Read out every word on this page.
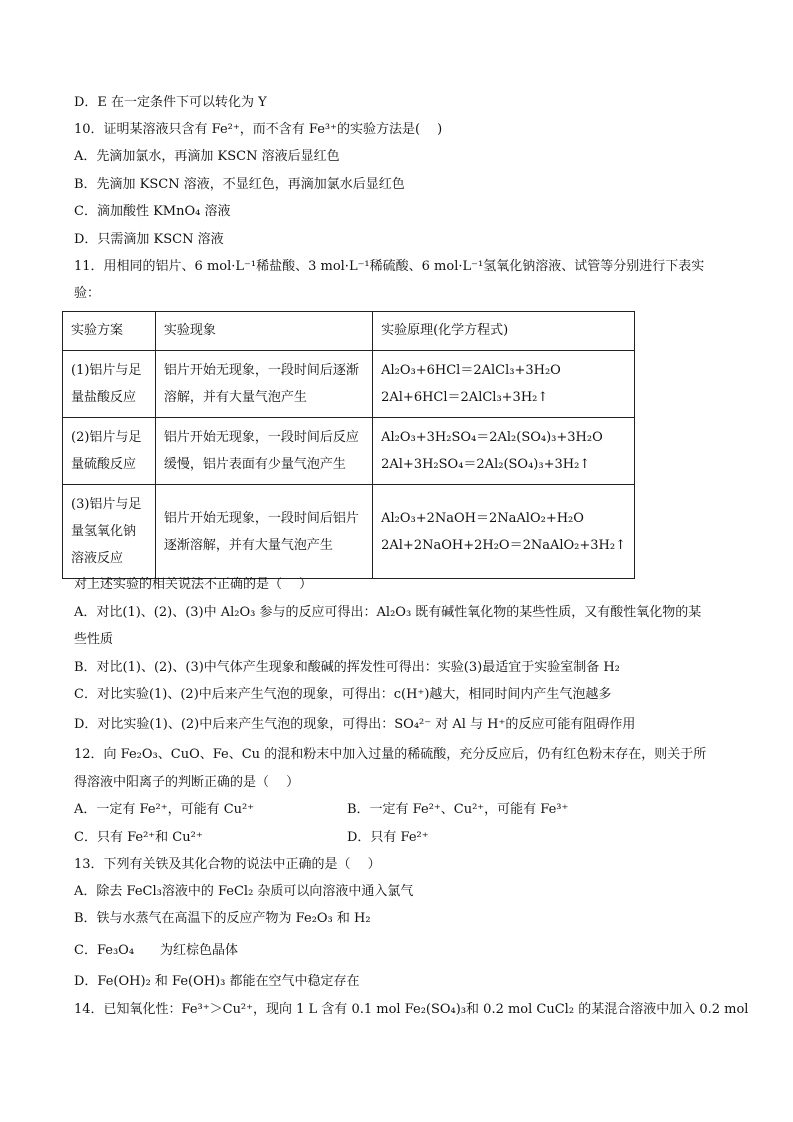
D．E 在一定条件下可以转化为 Y
10．证明某溶液只含有 Fe²⁺，而不含有 Fe³⁺的实验方法是(　 )
A．先滴加氯水，再滴加 KSCN 溶液后显红色
B．先滴加 KSCN 溶液，不显红色，再滴加氯水后显红色
C．滴加酸性 KMnO₄ 溶液
D．只需滴加 KSCN 溶液
11．用相同的铝片、6 mol·L⁻¹稀盐酸、3 mol·L⁻¹稀硫酸、6 mol·L⁻¹氢氧化钠溶液、试管等分别进行下表实
验：
实验方案	实验现象	实验原理(化学方程式)
(1)铝片与足量盐酸反应	铝片开始无现象，一段时间后逐渐溶解，并有大量气泡产生	Al₂O₃+6HCl＝2AlCl₃+3H₂O
2Al+6HCl＝2AlCl₃+3H₂↑

(2)铝片与足量硫酸反应	铝片开始无现象，一段时间后反应缓慢，铝片表面有少量气泡产生	Al₂O₃+3H₂SO₄＝2Al₂(SO₄)₃+3H₂O
2Al+3H₂SO₄＝2Al₂(SO₄)₃+3H₂↑

(3)铝片与足量氢氧化钠溶液反应	铝片开始无现象，一段时间后铝片逐渐溶解，并有大量气泡产生	Al₂O₃+2NaOH＝2NaAlO₂+H₂O
2Al+2NaOH+2H₂O＝2NaAlO₂+3H₂↑
对上述实验的相关说法不正确的是（　 ）
A．对比(1)、(2)、(3)中 Al₂O₃ 参与的反应可得出：Al₂O₃ 既有碱性氧化物的某些性质，又有酸性氧化物的某
些性质
B．对比(1)、(2)、(3)中气体产生现象和酸碱的挥发性可得出：实验(3)最适宜于实验室制备 H₂
C．对比实验(1)、(2)中后来产生气泡的现象，可得出：c(H⁺)越大，相同时间内产生气泡越多
D．对比实验(1)、(2)中后来产生气泡的现象，可得出：SO₄²⁻ 对 Al 与 H⁺的反应可能有阻碍作用
12．向 Fe₂O₃、CuO、Fe、Cu 的混和粉末中加入过量的稀硫酸，充分反应后，仍有红色粉末存在，则关于所
得溶液中阳离子的判断正确的是（　 ）
A．一定有 Fe²⁺，可能有 Cu²⁺	B．一定有 Fe²⁺、Cu²⁺，可能有 Fe³⁺
C．只有 Fe²⁺和 Cu²⁺	D．只有 Fe²⁺
13．下列有关铁及其化合物的说法中正确的是（　 ）
A．除去 FeCl₃溶液中的 FeCl₂ 杂质可以向溶液中通入氯气
B．铁与水蒸气在高温下的反应产物为 Fe₂O₃ 和 H₂
C．Fe₃O₄　　为红棕色晶体
D．Fe(OH)₂ 和 Fe(OH)₃ 都能在空气中稳定存在
14．已知氧化性：Fe³⁺＞Cu²⁺，现向 1 L 含有 0.1 mol Fe₂(SO₄)₃和 0.2 mol CuCl₂ 的某混合溶液中加入 0.2 mol
